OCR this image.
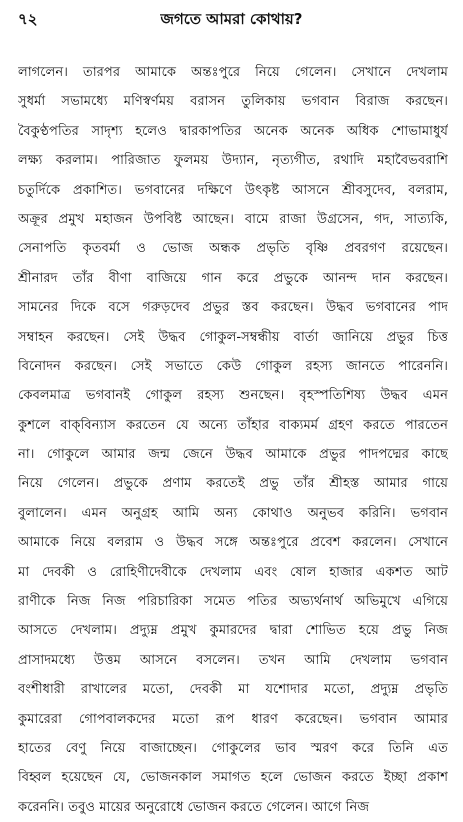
৭২	জগতে আমরা কোথায়?
লাগলেন। তারপর আমাকে অন্তঃপুরে নিয়ে গেলেন। সেখানে দেখলাম
সুধর্মা সভামধ্যে মণিস্বর্ণময় বরাসন তুলিকায় ভগবান বিরাজ করছেন।
বৈকুণ্ঠপতির সাদৃশ্য হলেও দ্বারকাপতির অনেক অনেক অধিক শোভামাধুর্য
লক্ষ্য করলাম। পারিজাত ফুলময় উদ্যান, নৃত্যগীত, রথাদি মহাবৈভবরাশি
চতুর্দিকে প্রকাশিত। ভগবানের দক্ষিণে উৎকৃষ্ট আসনে শ্রীবসুদেব, বলরাম,
অক্রূর প্রমুখ মহাজন উপবিষ্ট আছেন। বামে রাজা উগ্রসেন, গদ, সাত্যকি,
সেনাপতি কৃতবর্মা ও ভোজ অন্ধক প্রভৃতি বৃষ্ণি প্রবরগণ রয়েছেন।
শ্রীনারদ তাঁর বীণা বাজিয়ে গান করে প্রভুকে আনন্দ দান করছেন।
সামনের দিকে বসে গরুড়দেব প্রভুর স্তব করছেন। উদ্ধব ভগবানের পাদ
সম্বাহন করছেন। সেই উদ্ধব গোকুল-সম্বন্ধীয় বার্তা জানিয়ে প্রভুর চিত্ত
বিনোদন করছেন। সেই সভাতে কেউ গোকুল রহস্য জানতে পারেননি।
কেবলমাত্র ভগবানই গোকুল রহস্য শুনছেন। বৃহস্পতিশিষ্য উদ্ধব এমন
কুশলে বাক্‌বিন্যাস করতেন যে অন্যে তাঁহার বাক্যমর্ম গ্রহণ করতে পারতেন
না। গোকুলে আমার জন্ম জেনে উদ্ধব আমাকে প্রভুর পাদপদ্মের কাছে
নিয়ে গেলেন। প্রভুকে প্রণাম করতেই প্রভু তাঁর শ্রীহস্ত আমার গায়ে
বুলালেন। এমন অনুগ্রহ আমি অন্য কোথাও অনুভব করিনি। ভগবান
আমাকে নিয়ে বলরাম ও উদ্ধব সঙ্গে অন্তঃপুরে প্রবেশ করলেন। সেখানে
মা দেবকী ও রোহিণীদেবীকে দেখলাম এবং ষোল হাজার একশত আট
রাণীকে নিজ নিজ পরিচারিকা সমেত পতির অভ্যর্থনার্থ অভিমুখে এগিয়ে
আসতে দেখলাম। প্রদ্যুম্ন প্রমুখ কুমারদের দ্বারা শোভিত হয়ে প্রভু নিজ
প্রাসাদমধ্যে উত্তম আসনে বসলেন। তখন আমি দেখলাম ভগবান
বংশীধারী রাখালের মতো, দেবকী মা যশোদার মতো, প্রদ্যুম্ন প্রভৃতি
কুমারেরা গোপবালকদের মতো রূপ ধারণ করেছেন। ভগবান আমার
হাতের বেণু নিয়ে বাজাচ্ছেন। গোকুলের ভাব স্মরণ করে তিনি এত
বিহ্বল হয়েছেন যে, ভোজনকাল সমাগত হলে ভোজন করতে ইচ্ছা প্রকাশ
করেননি। তবুও মায়ের অনুরোধে ভোজন করতে গেলেন। আগে নিজ
